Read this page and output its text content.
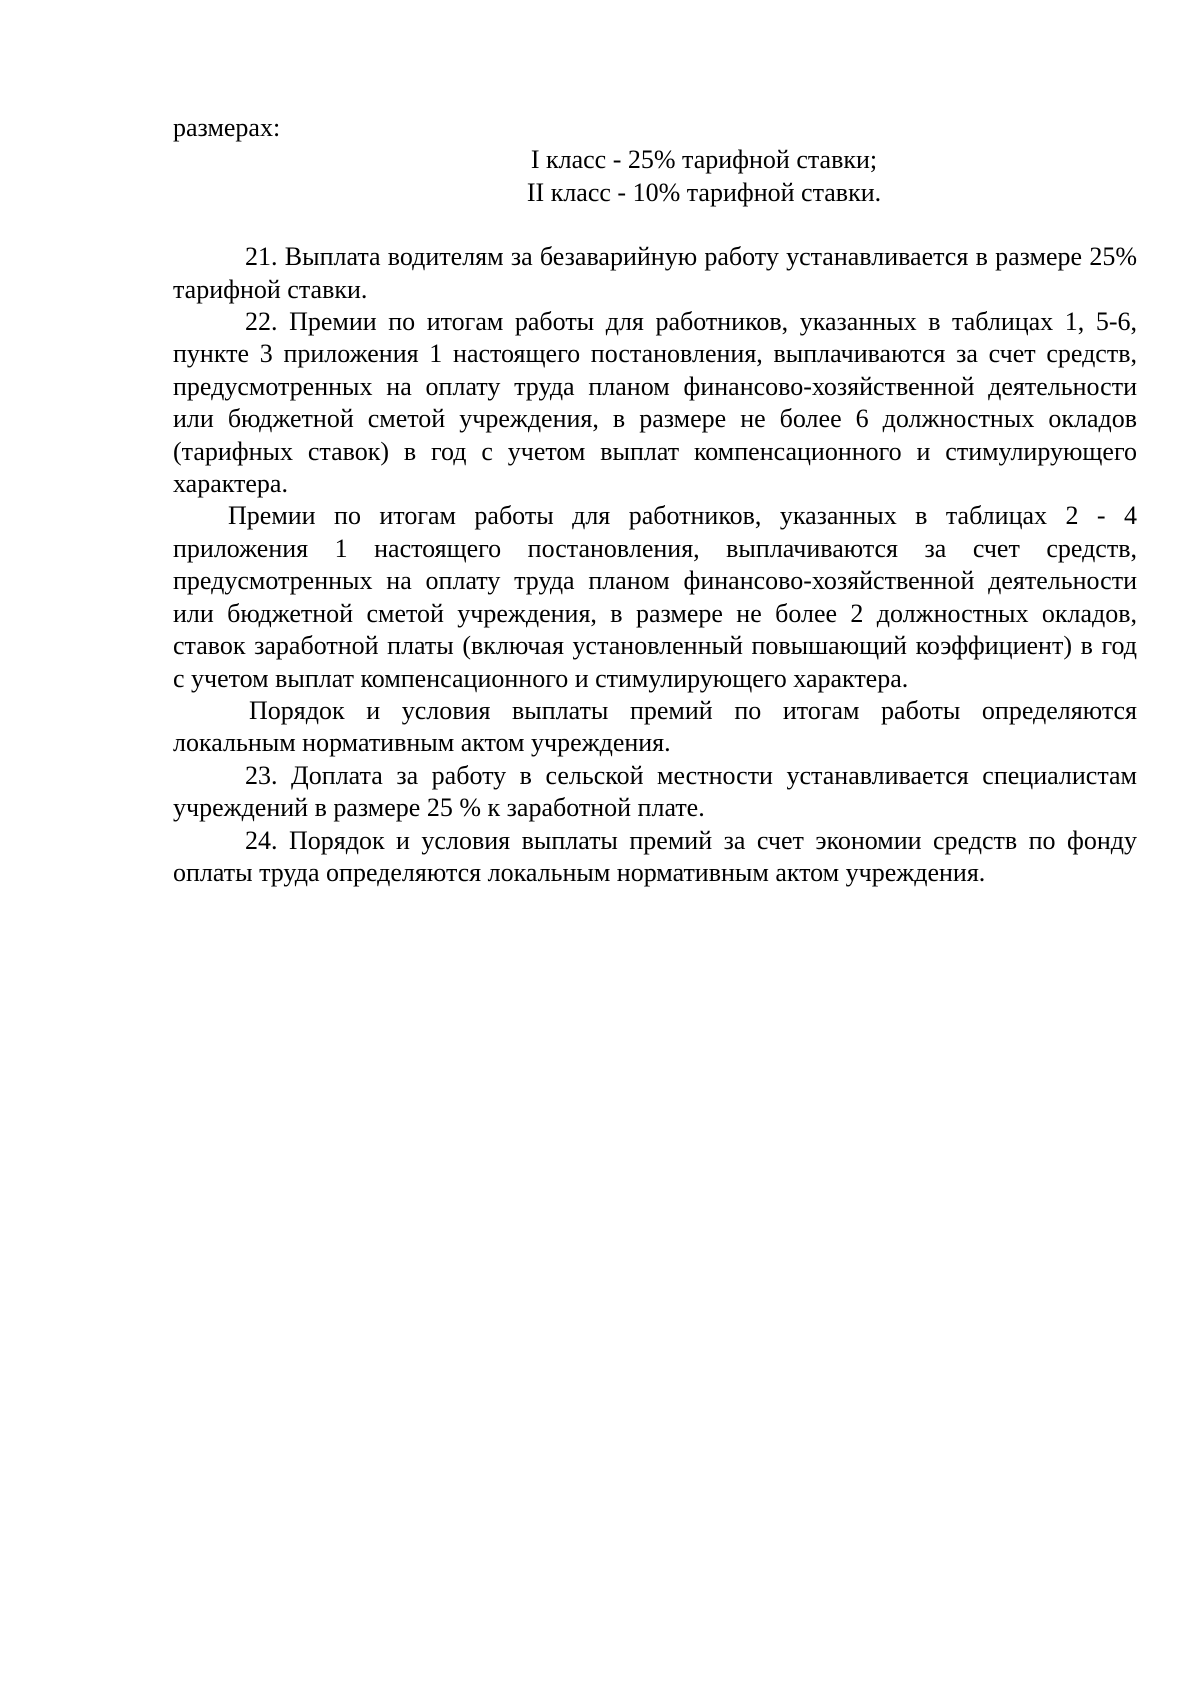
размерах:

I класс - 25% тарифной ставки;

II класс - 10% тарифной ставки.

21. Выплата водителям за безаварийную работу устанавливается в размере 25% тарифной ставки.

22. Премии по итогам работы для работников, указанных в таблицах 1, 5-6, пункте 3 приложения 1 настоящего постановления, выплачиваются за счет средств, предусмотренных на оплату труда планом финансово-хозяйственной деятельности или бюджетной сметой учреждения, в размере не более 6 должностных окладов (тарифных ставок) в год с учетом выплат компенсационного и стимулирующего характера.

Премии по итогам работы для работников, указанных в таблицах 2 - 4 приложения 1 настоящего постановления, выплачиваются за счет средств, предусмотренных на оплату труда планом финансово-хозяйственной деятельности или бюджетной сметой учреждения, в размере не более 2 должностных окладов, ставок заработной платы (включая установленный повышающий коэффициент) в год с учетом выплат компенсационного и стимулирующего характера.

Порядок и условия выплаты премий по итогам работы определяются локальным нормативным актом учреждения.

23. Доплата за работу в сельской местности устанавливается специалистам учреждений в размере 25 % к заработной плате.

24. Порядок и условия выплаты премий за счет экономии средств по фонду оплаты труда определяются локальным нормативным актом учреждения.
